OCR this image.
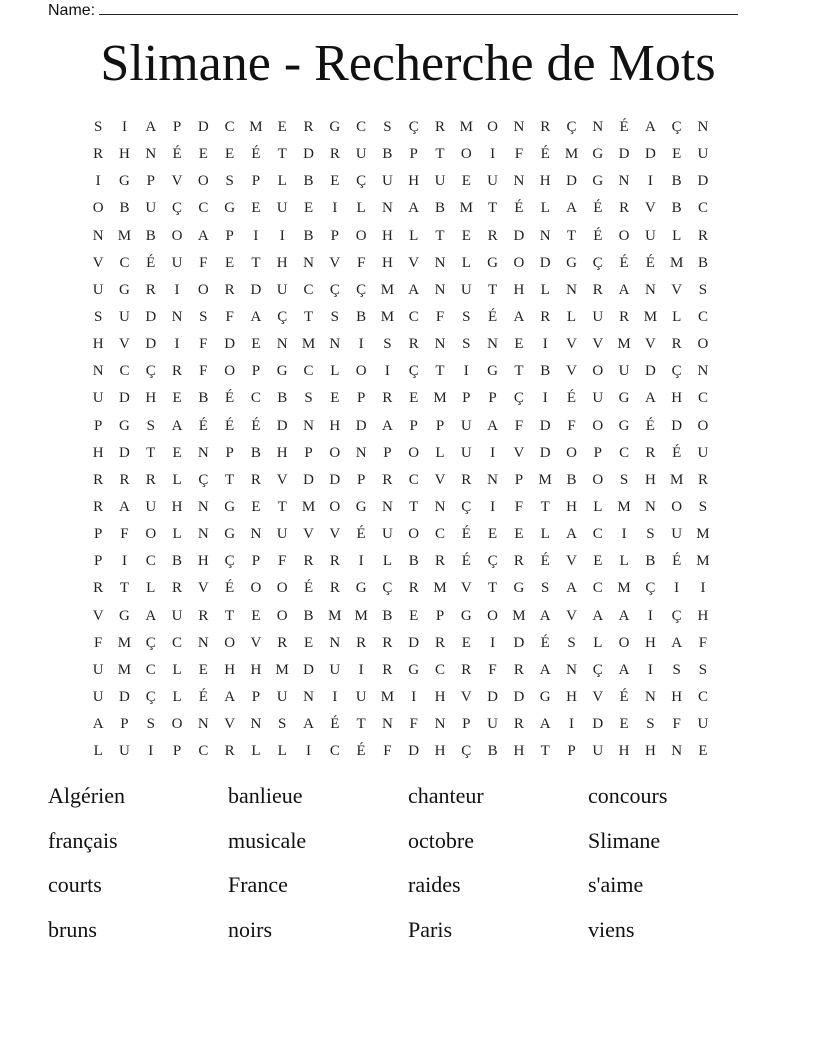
Name:
Slimane - Recherche de Mots
S	I	A	P	D	C M	E	R	G	C	S	Ç	R M O	N	R	Ç	N	É	A	Ç	N
R	H	N	É	E	E	É	T	D	R	U	B	P	T	O	I	F	É	M G	D	D	E	U
I	G	P	V	O	S	P	L	B	E	Ç	U	H	U	E	U	N	H	D	G	N	I	B	D
O	B	U	Ç	C	G	E	U	E	I	L	N	A	B M	T	É	L	A	É	R	V	B	C
N M B	O	A	P	I	I	B	P	O	H	L	T	E	R	D	N	T	É	O	U	L	R
V	C	É	U	F	E	T	H	N	V	F	H	V	N	L	G	O	D	G	Ç	É	É	M B
U	G	R	I	O	R	D	U	C	Ç	Ç M A	N	U	T	H	L	N	R	A	N	V	S
S	U	D	N	S	F	A	Ç	T	S	B M C	F	S	É	A	R	L	U	R M	L	C
H	V	D	I	F	D	E	N M N	I	S	R	N	S	N	E	I	V	V M V	R	O
N	C	Ç	R	F	O	P	G	C	L	O	I	Ç	T	I	G	T	B	V	O	U	D	Ç	N
U	D	H	E	B	É	C	B	S	E	P	R	E	M	P	P	Ç	I	É	U	G	A	H	C
P	G	S	A	É	É	É	D	N	H	D	A	P	P	U	A	F	D	F	O	G	É	D	O
H	D	T	E	N	P	B	H	P	O	N	P	O	L	U	I	V	D	O	P	C	R	É	U
R	R	R	L	Ç	T	R	V	D	D	P	R	C	V	R	N	P	M B	O	S	H M R
R	A	U	H	N	G	E	T	M O	G	N	T	N	Ç	I	F	T	H	L	M N	O	S
P	F	O	L	N	G	N	U	V	V	É	U	O	C	É	E	E	L	A	C	I	S	U M
P	I	C	B	H	Ç	P	F	R	R	I	L	B	R	É	Ç	R	É	V	E	L	B	É	M
R	T	L	R	V	É	O	O	É	R	G	Ç	R M V	T	G	S	A	C M Ç	I	I
V	G	A	U	R	T	E	O	B M M B	E	P	G	O M A	V	A	A	I	Ç	H
F	M Ç	C	N	O	V	R	E	N	R	R	D	R	E	I	D	É	S	L	O	H	A	F
U M C	L	E	H	H M D	U	I	R	G	C	R	F	R	A	N	Ç	A	I	S	S
U	D	Ç	L	É	A	P	U	N	I	U M	I	H	V	D	D	G	H	V	É	N	H	C
A	P	S	O	N	V	N	S	A	É	T	N	F	N	P	U	R	A	I	D	E	S	F	U
L	U	I	P	C	R	L	L	I	C	É	F	D	H	Ç	B	H	T	P	U	H	H	N	E
Algérien	banlieue	chanteur	concours
français	musicale	octobre	Slimane
courts	France	raides	s'aime
bruns	noirs	Paris	viens
